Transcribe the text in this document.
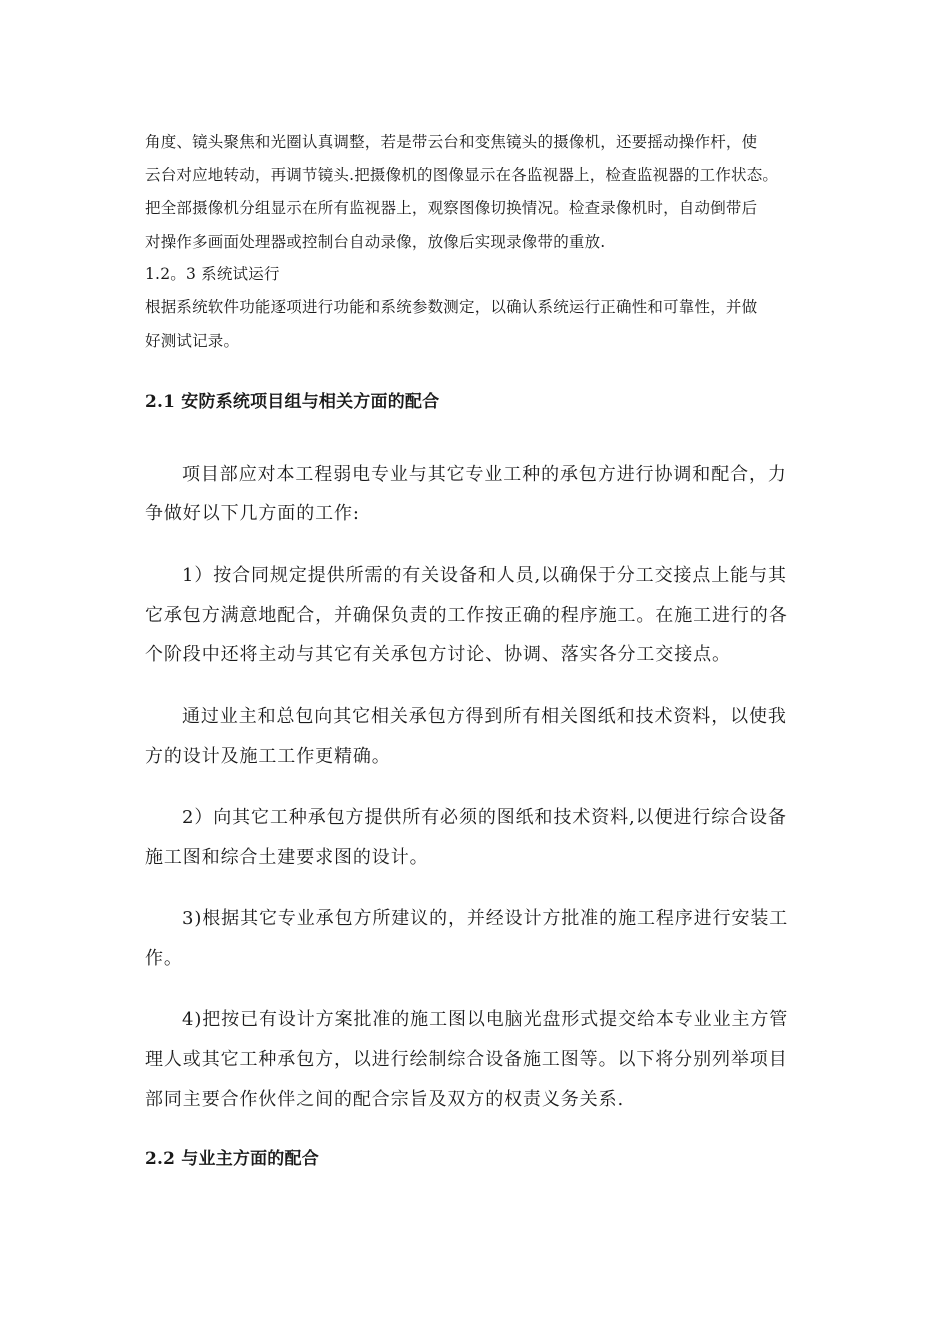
角度、镜头聚焦和光圈认真调整，若是带云台和变焦镜头的摄像机，还要摇动操作杆，使

云台对应地转动，再调节镜头.把摄像机的图像显示在各监视器上，检查监视器的工作状态。

把全部摄像机分组显示在所有监视器上，观察图像切换情况。检查录像机时，自动倒带后

对操作多画面处理器或控制台自动录像，放像后实现录像带的重放.

1.2。3 系统试运行

根据系统软件功能逐项进行功能和系统参数测定，以确认系统运行正确性和可靠性，并做

好测试记录。

2.1 安防系统项目组与相关方面的配合

项目部应对本工程弱电专业与其它专业工种的承包方进行协调和配合，力

争做好以下几方面的工作:

1）按合同规定提供所需的有关设备和人员,以确保于分工交接点上能与其

它承包方满意地配合，并确保负责的工作按正确的程序施工。在施工进行的各

个阶段中还将主动与其它有关承包方讨论、协调、落实各分工交接点。

通过业主和总包向其它相关承包方得到所有相关图纸和技术资料，以使我

方的设计及施工工作更精确。

2）向其它工种承包方提供所有必须的图纸和技术资料,以便进行综合设备

施工图和综合土建要求图的设计。

3)根据其它专业承包方所建议的，并经设计方批准的施工程序进行安装工

作。

4)把按已有设计方案批准的施工图以电脑光盘形式提交给本专业业主方管

理人或其它工种承包方，以进行绘制综合设备施工图等。以下将分别列举项目

部同主要合作伙伴之间的配合宗旨及双方的权责义务关系.

2.2 与业主方面的配合
